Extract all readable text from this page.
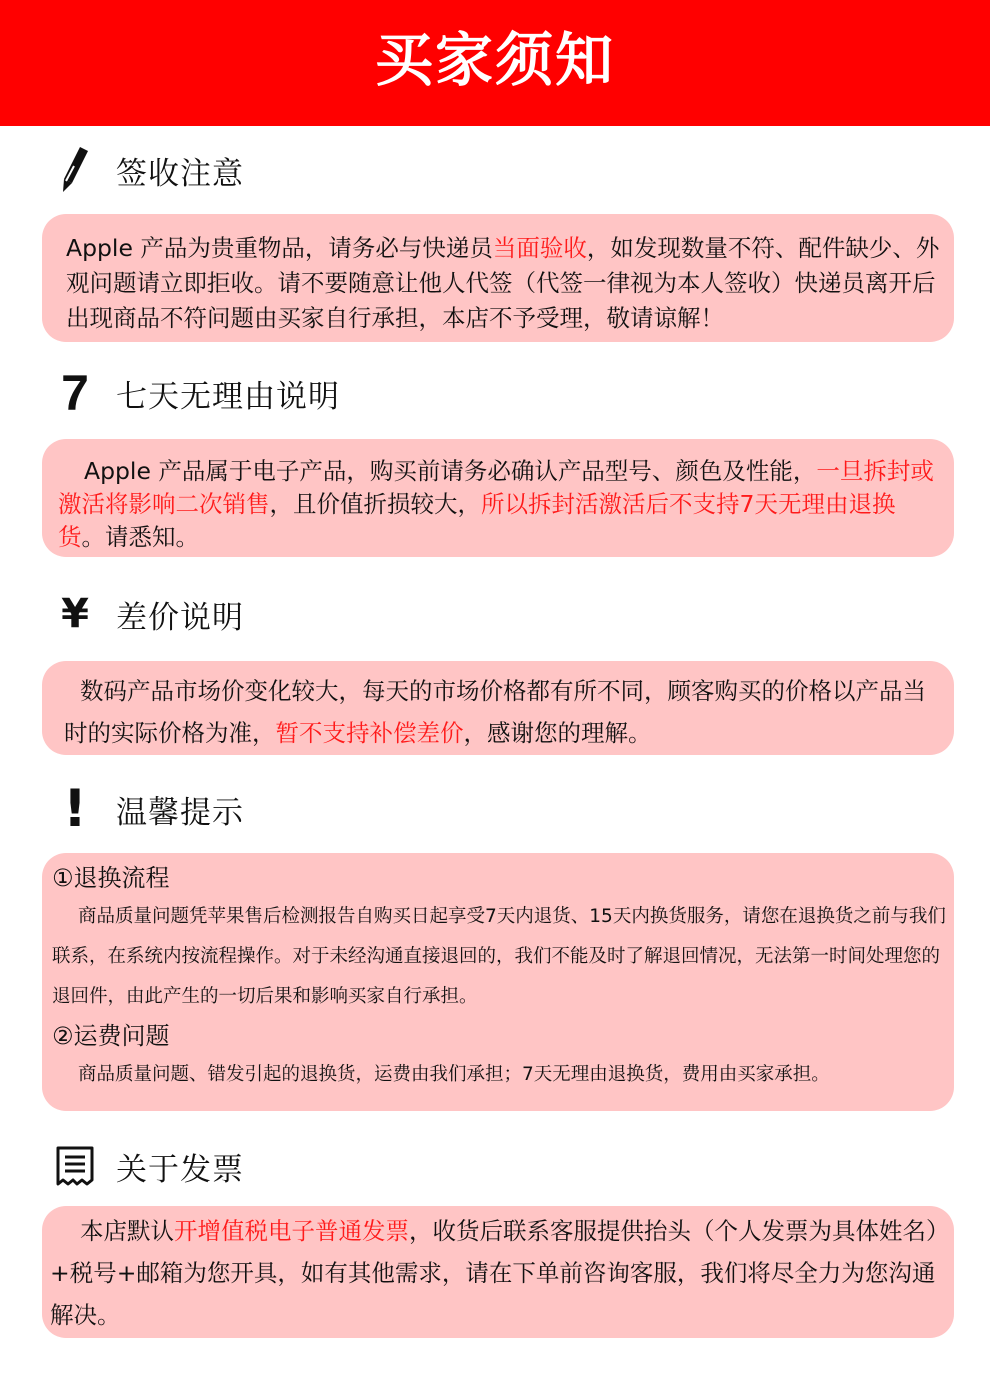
买家须知
签收注意

Apple 产品为贵重物品，请务必与快递员当面验收，如发现数量不符、配件缺少、外观问题请立即拒收。请不要随意让他人代签（代签一律视为本人签收）快递员离开后出现商品不符问题由买家自行承担，本店不予受理，敬请谅解！

7 七天无理由说明

Apple 产品属于电子产品，购买前请务必确认产品型号、颜色及性能，一旦拆封或激活将影响二次销售，且价值折损较大，所以拆封活激活后不支持7天无理由退换货。请悉知。

¥ 差价说明

数码产品市场价变化较大，每天的市场价格都有所不同，顾客购买的价格以产品当时的实际价格为准，暂不支持补偿差价，感谢您的理解。

! 温馨提示

①退换流程

商品质量问题凭苹果售后检测报告自购买日起享受7天内退货、15天内换货服务，请您在退换货之前与我们联系，在系统内按流程操作。对于未经沟通直接退回的，我们不能及时了解退回情况，无法第一时间处理您的退回件，由此产生的一切后果和影响买家自行承担。

②运费问题

商品质量问题、错发引起的退换货，运费由我们承担；7天无理由退换货，费用由买家承担。

关于发票

本店默认开增值税电子普通发票，收货后联系客服提供抬头（个人发票为具体姓名）+税号+邮箱为您开具，如有其他需求，请在下单前咨询客服，我们将尽全力为您沟通解决。
